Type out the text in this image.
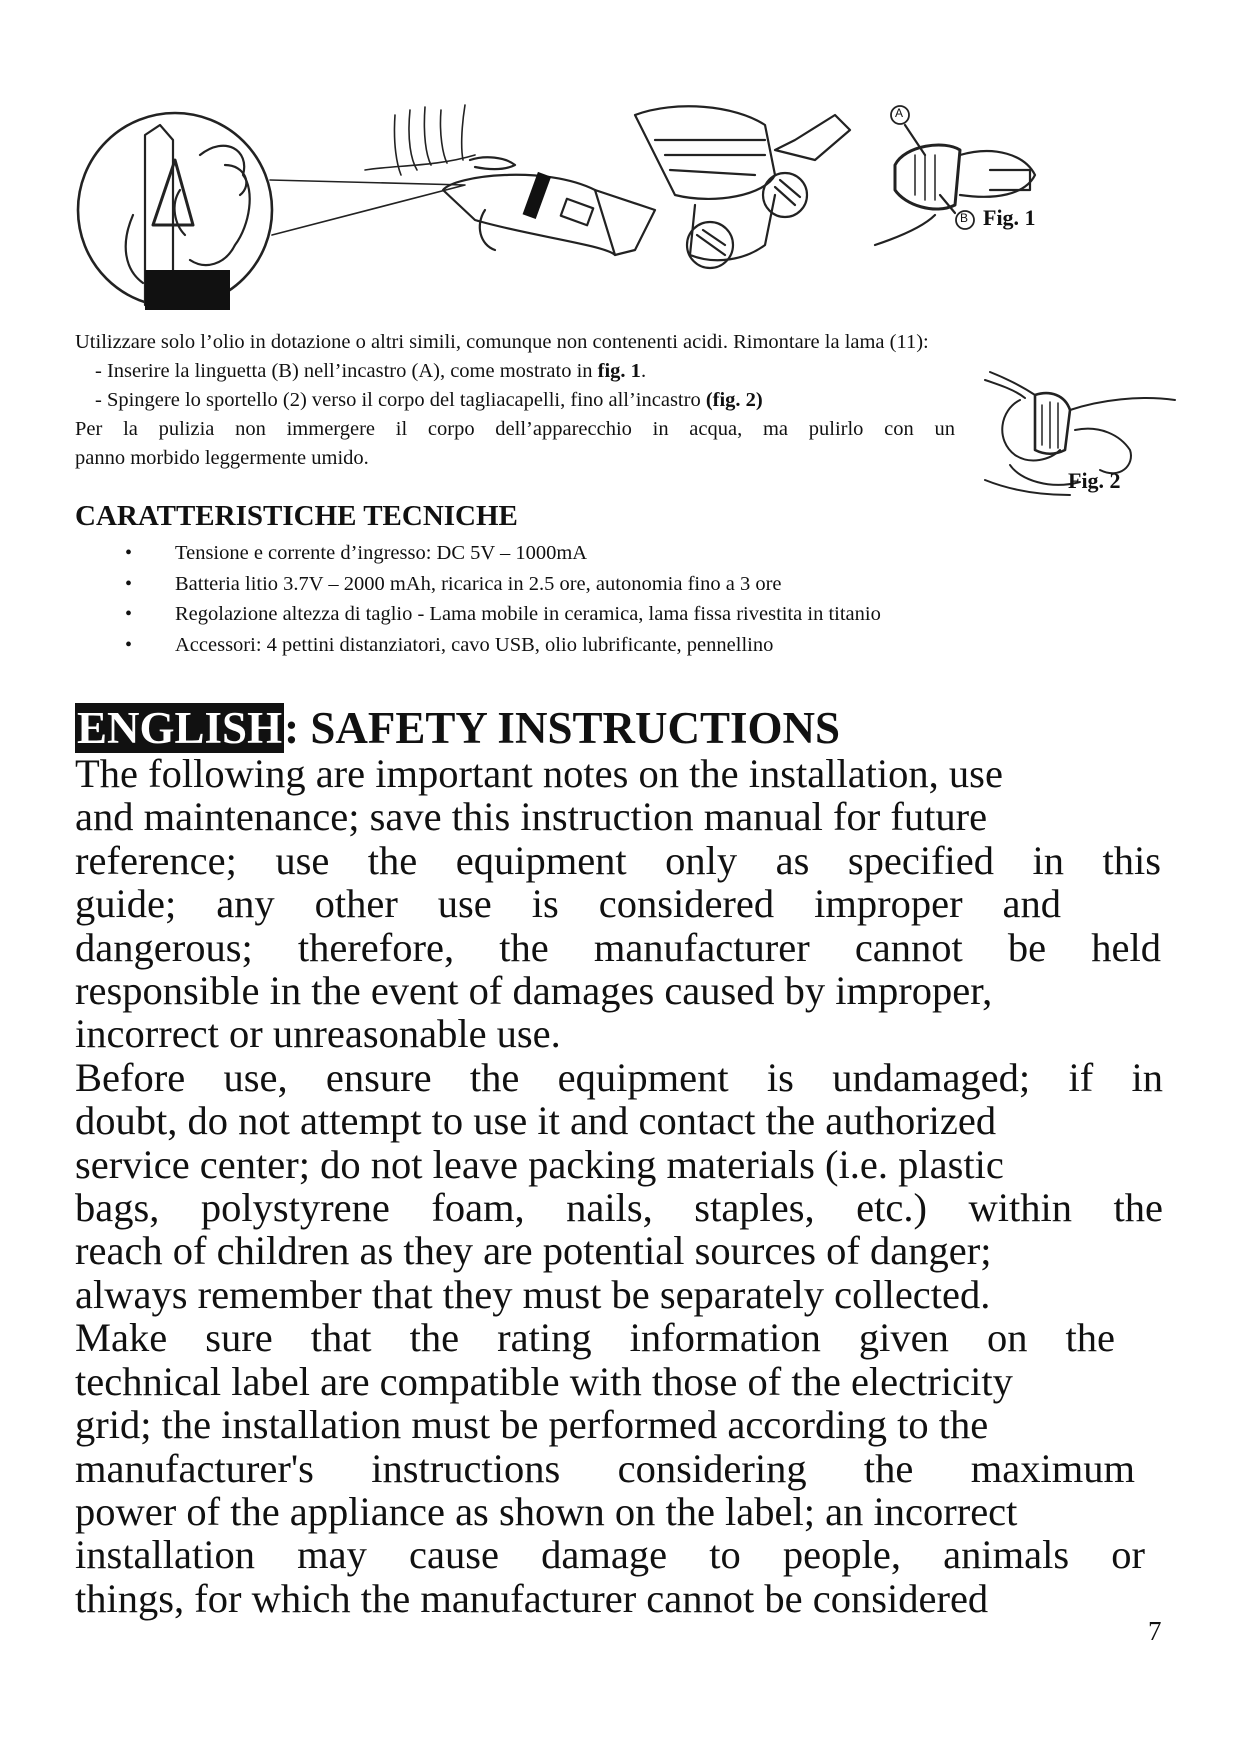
A
B Fig. 1
Utilizzare solo l’olio in dotazione o altri simili, comunque non contenenti acidi. Rimontare la lama (11):
- Inserire la linguetta (B) nell’incastro (A), come mostrato in fig. 1.
- Spingere lo sportello (2) verso il corpo del tagliacapelli, fino all’incastro (fig. 2)
Per la pulizia non immergere il corpo dell’apparecchio in acqua, ma pulirlo con un
panno morbido leggermente umido.
Fig. 2
CARATTERISTICHE TECNICHE
• Tensione e corrente d’ingresso: DC 5V – 1000mA
• Batteria litio 3.7V – 2000 mAh, ricarica in 2.5 ore, autonomia fino a 3 ore
• Regolazione altezza di taglio - Lama mobile in ceramica, lama fissa rivestita in titanio
• Accessori: 4 pettini distanziatori, cavo USB, olio lubrificante, pennellino
ENGLISH: SAFETY INSTRUCTIONS
The following are important notes on the installation, use
and maintenance; save this instruction manual for future
reference; use the equipment only as specified in this
guide; any other use is considered improper and
dangerous; therefore, the manufacturer cannot be held
responsible in the event of damages caused by improper,
incorrect or unreasonable use.
Before use, ensure the equipment is undamaged; if in
doubt, do not attempt to use it and contact the authorized
service center; do not leave packing materials (i.e. plastic
bags, polystyrene foam, nails, staples, etc.) within the
reach of children as they are potential sources of danger;
always remember that they must be separately collected.
Make sure that the rating information given on the
technical label are compatible with those of the electricity
grid; the installation must be performed according to the
manufacturer's instructions considering the maximum
power of the appliance as shown on the label; an incorrect
installation may cause damage to people, animals or
things, for which the manufacturer cannot be considered
7
